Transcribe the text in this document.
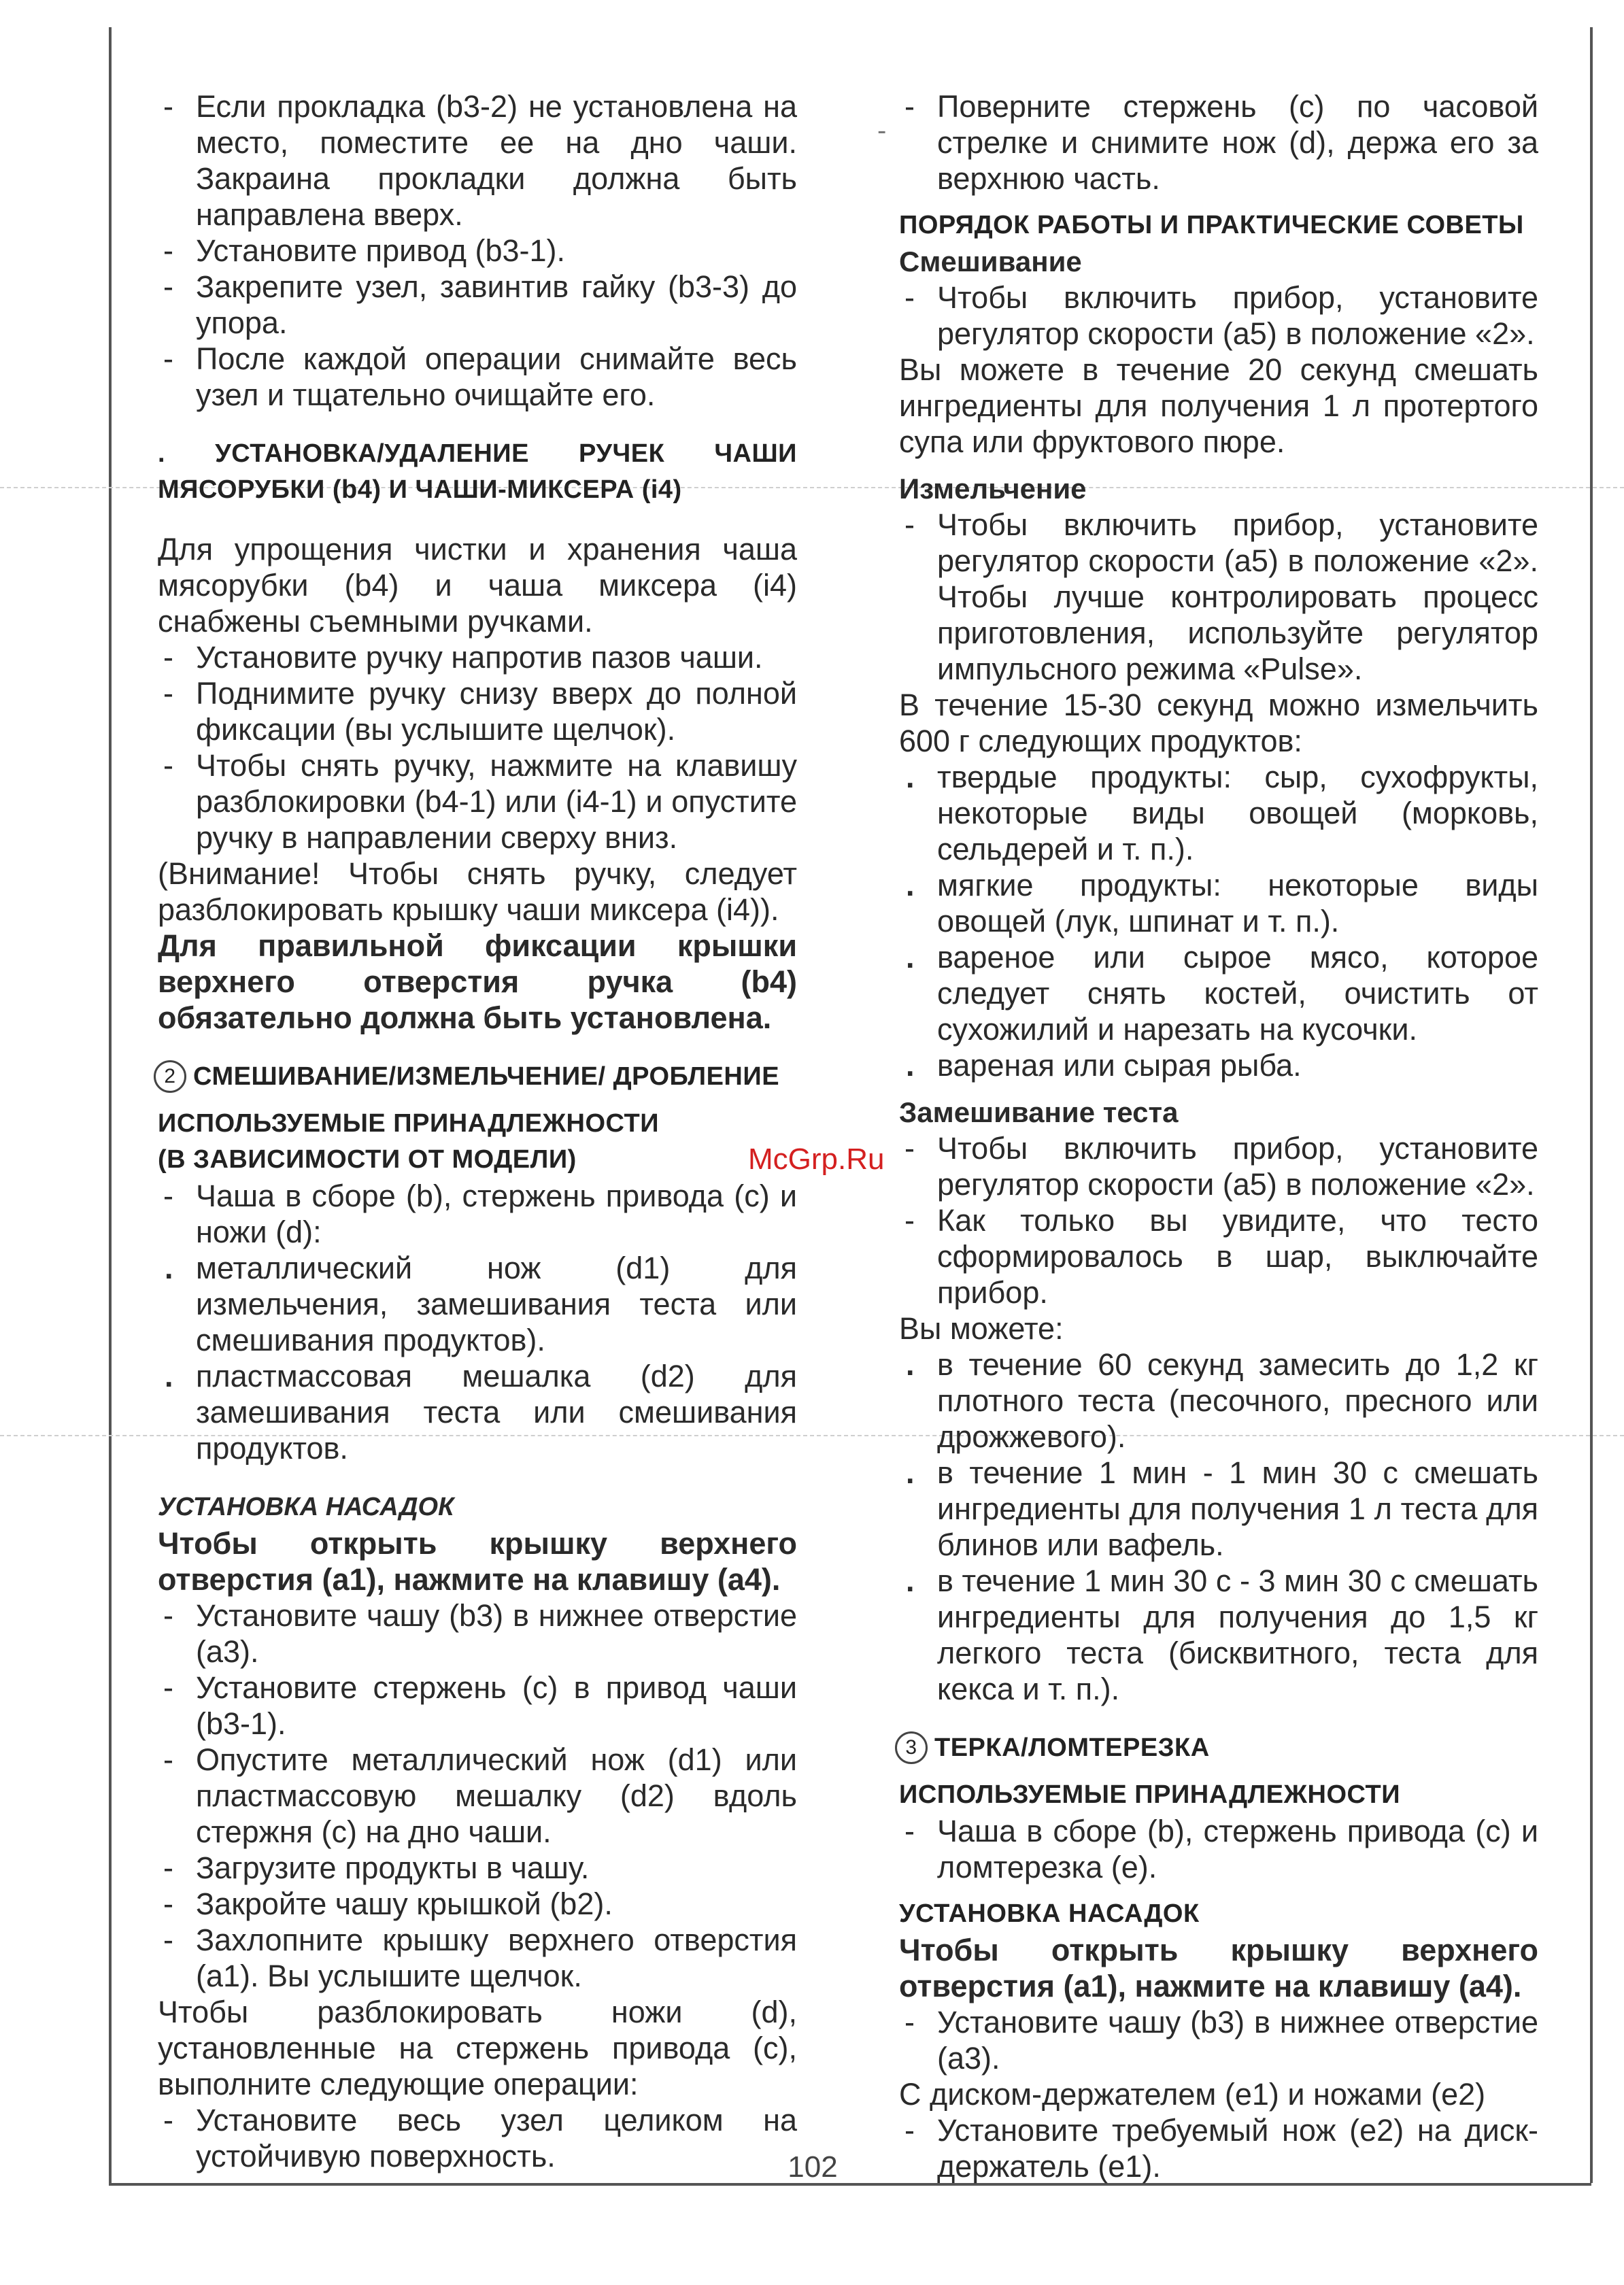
- Если прокладка (b3-2) не установлена на место, поместите ее на дно чаши. Закраина прокладки должна быть направлена вверх.
- Установите привод (b3-1).
- Закрепите узел, завинтив гайку (b3-3) до упора.
- После каждой операции снимайте весь узел и тщательно очищайте его.

. УСТАНОВКА/УДАЛЕНИЕ РУЧЕК ЧАШИ МЯСОРУБКИ (b4) И ЧАШИ-МИКСЕРА (i4)

Для упрощения чистки и хранения чаша мясорубки (b4) и чаша миксера (i4) снабжены съемными ручками.

- Установите ручку напротив пазов чаши.
- Поднимите ручку снизу вверх до полной фиксации (вы услышите щелчок).
- Чтобы снять ручку, нажмите на клавишу разблокировки (b4-1) или (i4-1) и опустите ручку в направлении сверху вниз.

(Внимание! Чтобы снять ручку, следует разблокировать крышку чаши миксера (i4)).

Для правильной фиксации крышки верхнего отверстия ручка (b4) обязательно должна быть установлена.

2 СМЕШИВАНИЕ/ИЗМЕЛЬЧЕНИЕ/ ДРОБЛЕНИЕ

ИСПОЛЬЗУЕМЫЕ ПРИНАДЛЕЖНОСТИ

(В ЗАВИСИМОСТИ ОТ МОДЕЛИ)

- Чаша в сборе (b), стержень привода (c) и ножи (d):
. металлический нож (d1) для измельчения, замешивания теста или смешивания продуктов).
. пластмассовая мешалка (d2) для замешивания теста или смешивания продуктов.

УСТАНОВКА НАСАДОК

Чтобы открыть крышку верхнего отверстия (a1), нажмите на клавишу (a4).

- Установите чашу (b3) в нижнее отверстие (a3).
- Установите стержень (c) в привод чаши (b3-1).
- Опустите металлический нож (d1) или пластмассовую мешалку (d2) вдоль стержня (c) на дно чаши.
- Загрузите продукты в чашу.
- Закройте чашу крышкой (b2).
- Захлопните крышку верхнего отверстия (a1). Вы услышите щелчок.

Чтобы разблокировать ножи (d), установленные на стержень привода (c), выполните следующие операции:

- Установите весь узел целиком на устойчивую поверхность.
-
- Поверните стержень (c) по часовой стрелке и снимите нож (d), держа его за верхнюю часть.

ПОРЯДОК РАБОТЫ И ПРАКТИЧЕСКИЕ СОВЕТЫ

Смешивание

- Чтобы включить прибор, установите регулятор скорости (a5) в положение «2».

Вы можете в течение 20 секунд смешать ингредиенты для получения 1 л протертого супа или фруктового пюре.

Измельчение

- Чтобы включить прибор, установите регулятор скорости (a5) в положение «2». Чтобы лучше контролировать процесс приготовления, используйте регулятор импульсного режима «Pulse».

В течение 15-30 секунд можно измельчить 600 г следующих продуктов:

. твердые продукты: сыр, сухофрукты, некоторые виды овощей (морковь, сельдерей и т. п.).
. мягкие продукты: некоторые виды овощей (лук, шпинат и т. п.).
. вареное или сырое мясо, которое следует снять костей, очистить от сухожилий и нарезать на кусочки.
. вареная или сырая рыба.

Замешивание теста

- Чтобы включить прибор, установите регулятор скорости (a5) в положение «2».
- Как только вы увидите, что тесто сформировалось в шар, выключайте прибор.

Вы можете:

. в течение 60 секунд замесить до 1,2 кг плотного теста (песочного, пресного или дрожжевого).
. в течение 1 мин - 1 мин 30 с смешать ингредиенты для получения 1 л теста для блинов или вафель.
. в течение 1 мин 30 с - 3 мин 30 с смешать ингредиенты для получения до 1,5 кг легкого теста (бисквитного, теста для кекса и т. п.).
3 ТЕРКА/ЛОМТЕРЕЗКА

ИСПОЛЬЗУЕМЫЕ ПРИНАДЛЕЖНОСТИ

- Чаша в сборе (b), стержень привода (c) и ломтерезка (e).

УСТАНОВКА НАСАДОК

Чтобы открыть крышку верхнего отверстия (a1), нажмите на клавишу (a4).

- Установите чашу (b3) в нижнее отверстие (a3).

С диском-держателем (e1) и ножами (e2)

- Установите требуемый нож (e2) на диск-держатель (e1).
McGrp.Ru
102
